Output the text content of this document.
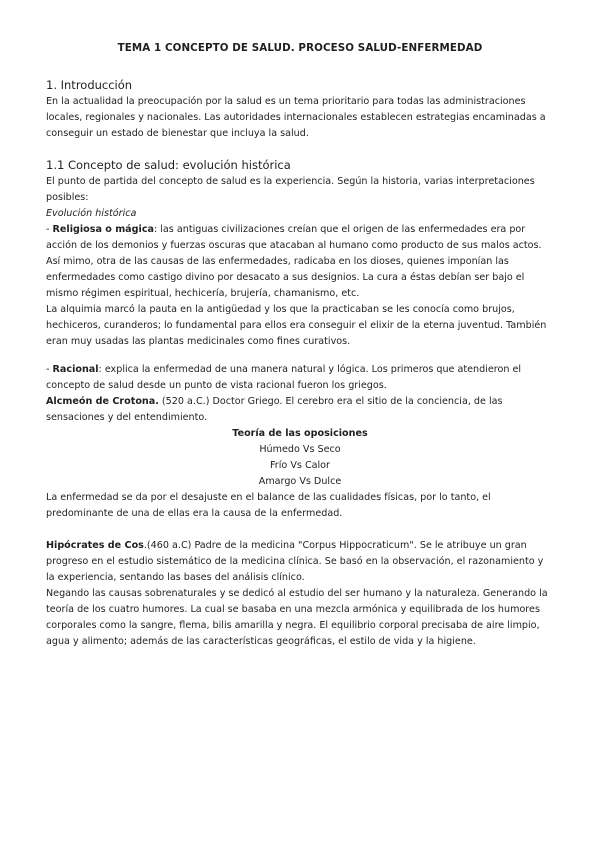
TEMA 1 CONCEPTO DE SALUD. PROCESO SALUD-ENFERMEDAD
1. Introducción

En la actualidad la preocupación por la salud es un tema prioritario para todas las administraciones locales, regionales y nacionales. Las autoridades internacionales establecen estrategias encaminadas a conseguir un estado de bienestar que incluya la salud.

1.1 Concepto de salud: evolución histórica

El punto de partida del concepto de salud es la experiencia. Según la historia, varias interpretaciones posibles:

Evolución histórica

- Religiosa o mágica: las antiguas civilizaciones creían que el origen de las enfermedades era por acción de los demonios y fuerzas oscuras que atacaban al humano como producto de sus malos actos. Así mimo, otra de las causas de las enfermedades, radicaba en los dioses, quienes imponían las enfermedades como castigo divino por desacato a sus designios. La cura a éstas debían ser bajo el mismo régimen espiritual, hechicería, brujería, chamanismo, etc.

La alquimia marcó la pauta en la antigüedad y los que la practicaban se les conocía como brujos, hechiceros, curanderos; lo fundamental para ellos era conseguir el elixir de la eterna juventud. También eran muy usadas las plantas medicinales como fines curativos.

- Racional: explica la enfermedad de una manera natural y lógica. Los primeros que atendieron el concepto de salud desde un punto de vista racional fueron los griegos.

Alcmeón de Crotona. (520 a.C.) Doctor Griego. El cerebro era el sitio de la conciencia, de las sensaciones y del entendimiento.

Teoría de las oposiciones

Húmedo Vs Seco

Frío Vs Calor

Amargo Vs Dulce

La enfermedad se da por el desajuste en el balance de las cualidades físicas, por lo tanto, el predominante de una de ellas era la causa de la enfermedad.

Hipócrates de Cos.(460 a.C) Padre de la medicina "Corpus Hippocraticum". Se le atribuye un gran progreso en el estudio sistemático de la medicina clínica. Se basó en la observación, el razonamiento y la experiencia, sentando las bases del análisis clínico.

Negando las causas sobrenaturales y se dedicó al estudio del ser humano y la naturaleza. Generando la teoría de los cuatro humores. La cual se basaba en una mezcla armónica y equilibrada de los humores corporales como la sangre, flema, bilis amarilla y negra. El equilibrio corporal precisaba de aire limpio, agua y alimento; además de las características geográficas, el estilo de vida y la higiene.
